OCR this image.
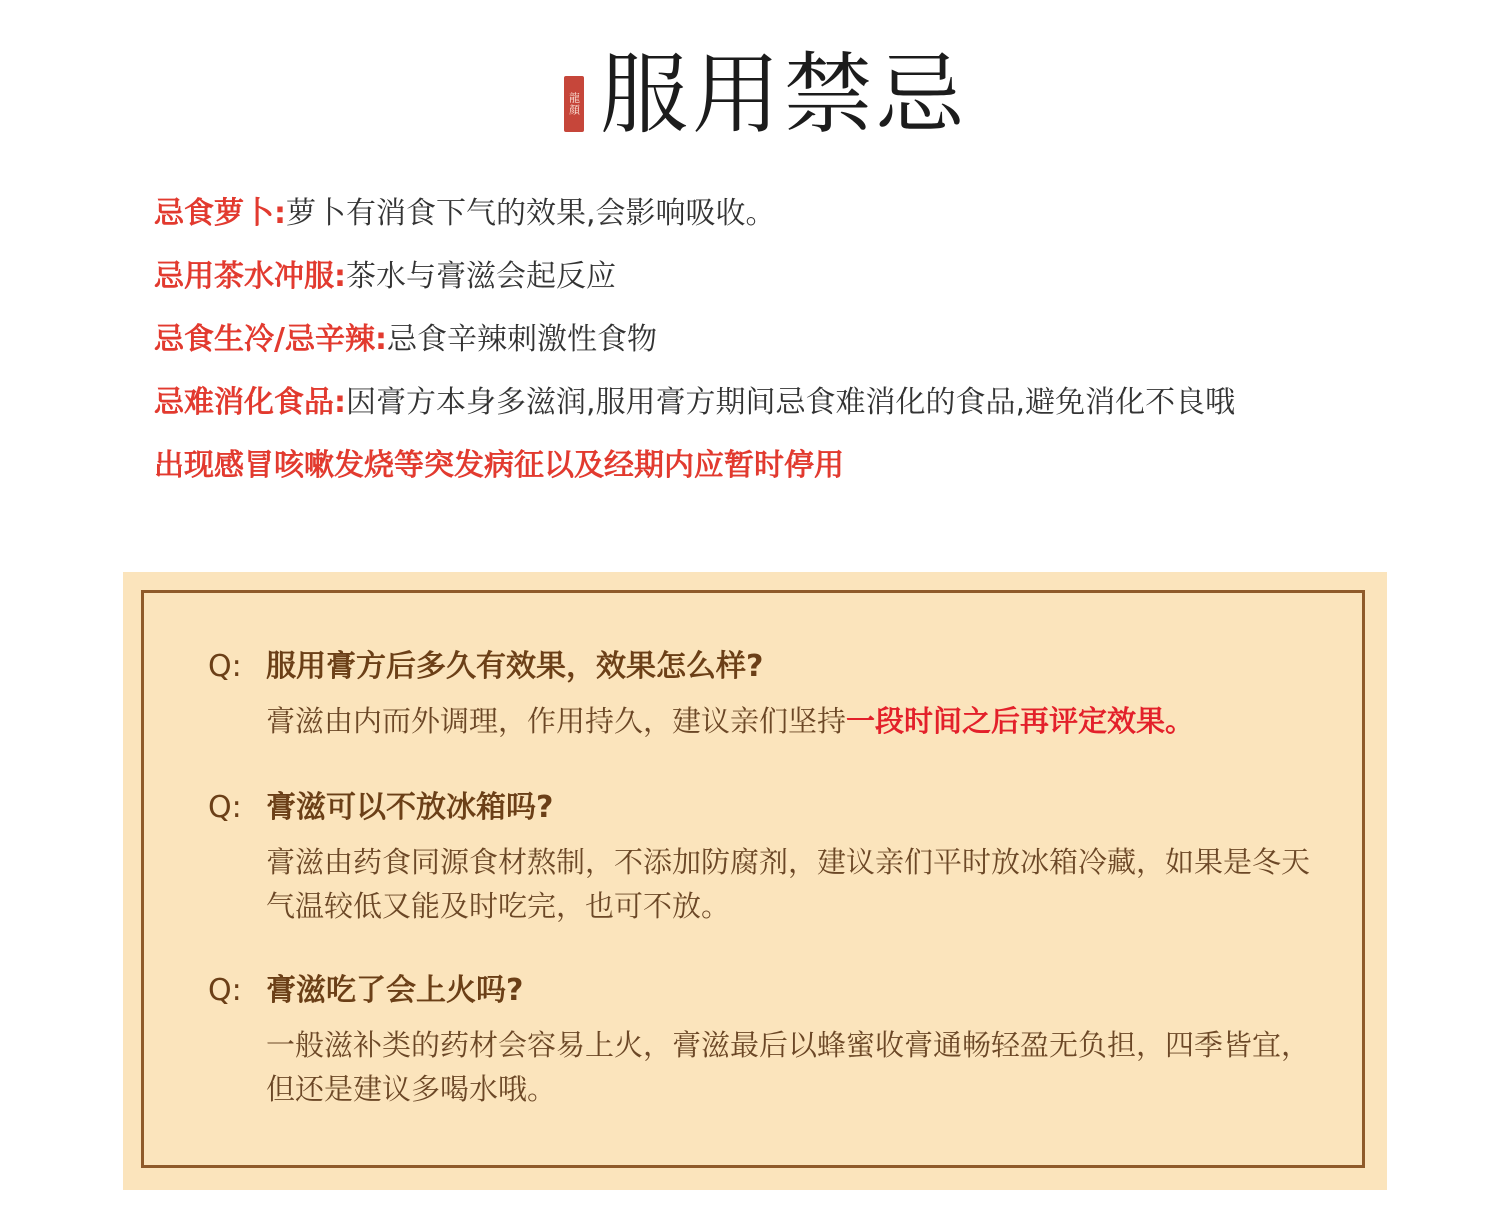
龍顏 服用禁忌
忌食萝卜:萝卜有消食下气的效果,会影响吸收。
忌用茶水冲服:茶水与膏滋会起反应
忌食生冷/忌辛辣:忌食辛辣刺激性食物
忌难消化食品:因膏方本身多滋润,服用膏方期间忌食难消化的食品,避免消化不良哦
出现感冒咳嗽发烧等突发病征以及经期内应暂时停用
Q: 服用膏方后多久有效果，效果怎么样?
膏滋由内而外调理，作用持久，建议亲们坚持一段时间之后再评定效果。
Q: 膏滋可以不放冰箱吗?
膏滋由药食同源食材熬制，不添加防腐剂，建议亲们平时放冰箱冷藏，如果是冬天气温较低又能及时吃完，也可不放。
Q: 膏滋吃了会上火吗?
一般滋补类的药材会容易上火，膏滋最后以蜂蜜收膏通畅轻盈无负担，四季皆宜，但还是建议多喝水哦。
